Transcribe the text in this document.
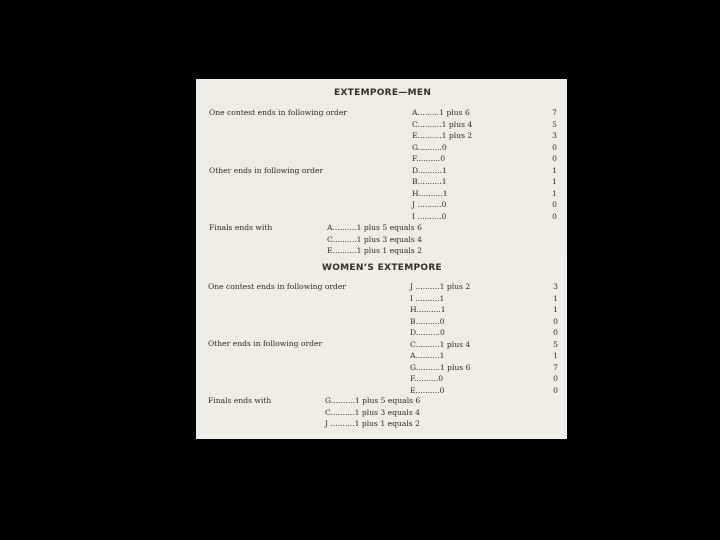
EXTEMPORE—MEN
One contest ends in following order
Other ends in following order
Finals ends with
A.........1 plus 6
C..........1 plus 4
E..........1 plus 2
G..........0
F..........0
D..........1
B..........1
H..........1
J ..........0
I ..........0
7
5
3
0
0
1
1
1
0
0
A..........1 plus 5 equals 6
C..........1 plus 3 equals 4
E..........1 plus 1 equals 2
WOMEN’S EXTEMPORE
One contest ends in following order
Other ends in following order
Finals ends with
J ..........1 plus 2
I ..........1
H..........1
B..........0
D..........0
C..........1 plus 4
A..........1
G..........1 plus 6
F..........0
E..........0
3
1
1
0
0
5
1
7
0
0
G..........1 plus 5 equals 6
C..........1 plus 3 equals 4
J ..........1 plus 1 equals 2
